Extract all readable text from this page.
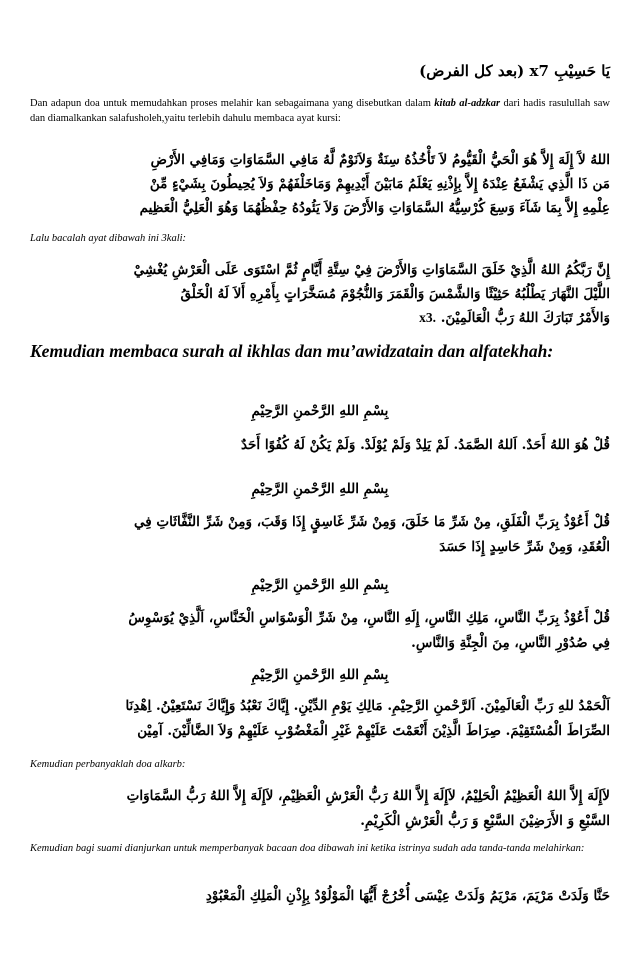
يَا حَسِيْبِ x7 (بعد كل الفرض)
Dan adapun doa untuk memudahkan proses melahir kan sebagaimana yang disebutkan dalam kitab al-adzkar dari hadis rasulullah saw dan diamalkankan salafusholeh,yaitu terlebih dahulu membaca ayat kursi:
اللهُ لآَ إِلَهَ إِلاَّ هُوَ الْحَيُّ الْقَيُّومُ لاَ تَأْخُذُهُ سِنَةٌ وَلاَنَوْمٌ لَّهُ مَافِي السَّمَاوَاتِ وَمَافِي الأَرْضِ
مَن ذَا الَّذِي يَشْفَعُ عِنْدَهُ إِلاَّ بِإِذْنِهِ يَعْلَمُ مَابَيْنَ أَيْدِيهِمْ وَمَاخَلْفَهُمْ وَلاَ يُحِيطُونَ بِشَيْءٍ مِّنْ
عِلْمِهِ إِلاَّ بِمَا شَآءَ وَسِعَ كُرْسِيُّهُ السَّمَاوَاتِ وَالأَرْضَ وَلاَ يَئُودُهُ حِفْظُهُمَا وَهُوَ الْعَلِيُّ الْعَظِيم
Lalu bacalah ayat dibawah ini 3kali:
إِنَّ رَبَّكُمُ اللهُ الَّذِيْ خَلَقَ السَّمَاوَاتِ وَالأَرْضَ فِيْ سِتَّةِ أَيَّامٍ ثُمَّ اسْتَوَى عَلَى الْعَرْشِ يُغْشِيْ
اللَّيْلَ النَّهَارَ يَطْلُبُهُ حَثِيْثًا وَالشَّمْسَ وَالْقَمَرَ وَالنُّجُوْمَ مُسَخَّرَاتٍ بِأَمْرِهِ أَلاَ لَهُ الْخَلْقُ
وَالأَمْرُ تَبَارَكَ اللهُ رَبُّ الْعَالَمِيْنَ. x3.
Kemudian membaca surah al ikhlas dan mu’awidzatain dan alfatekhah:
بِسْمِ اللهِ الرَّحْمنِ الرَّحِيْمِ
قُلْ هُوَ اللهُ أَحَدٌ. اَللهُ الصَّمَدُ. لَمْ يَلِدْ وَلَمْ يُوْلَدْ. وَلَمْ يَكُنْ لَهُ كُفُوًا أَحَدٌ
بِسْمِ اللهِ الرَّحْمنِ الرَّحِيْمِ
قُلْ أَعُوْذُ بِرَبِّ الْفَلَقِ، مِنْ شَرِّ مَا خَلَقَ، وَمِنْ شَرِّ غَاسِقٍ إِذَا وَقَبَ، وَمِنْ شَرِّ النَّفَّاثَاتِ فِي
الْعُقَدِ، وَمِنْ شَرِّ حَاسِدٍ إِذَا حَسَدَ
بِسْمِ اللهِ الرَّحْمنِ الرَّحِيْمِ
قُلْ أَعُوْذُ بِرَبِّ النَّاسِ، مَلِكِ النَّاسِ، إِلَهِ النَّاسِ، مِنْ شَرِّ الْوَسْوَاسِ الْخَنَّاسِ، اَلَّذِيْ يُوَسْوِسُ
فِي صُدُوْرِ النَّاسِ، مِنَ الْجِنَّةِ وَالنَّاسِ.
بِسْمِ اللهِ الرَّحْمنِ الرَّحِيْمِ
اَلْحَمْدُ للهِ رَبِّ الْعَالَمِيْنَ. اَلرَّحْمنِ الرَّحِيْمِ. مَالِكِ يَوْمِ الدِّيْنِ. إِيَّاكَ نَعْبُدُ وَإِيَّاكَ نَسْتَعِيْنُ. اِهْدِنَا
الصِّرَاطَ الْمُسْتَقِيْمَ. صِرَاطَ الَّذِيْنَ أَنْعَمْتَ عَلَيْهِمْ غَيْرِ الْمَغْضُوْبِ عَلَيْهِمْ وَلاَ الضَّالِّيْنَ. آمِيْن
Kemudian perbanyaklah doa alkarb:
لاَإِلَهَ إِلاَّ اللهُ الْعَظِيْمُ الْحَلِيْمُ، لاَإِلَهَ إِلاَّ اللهُ رَبُّ الْعَرْشِ الْعَظِيْمِ، لاَإِلَهَ إِلاَّ اللهُ رَبُّ السَّمَاوَاتِ
السَّبْعِ وَ الأَرَضِيْنَ السَّبْعِ وَ رَبُّ الْعَرْشِ الْكَرِيْمِ.
Kemudian bagi suami dianjurkan untuk memperbanyak bacaan doa dibawah ini ketika istrinya sudah ada tanda-tanda melahirkan:
حَنَّا وَلَدَتْ مَرْيَمَ، مَرْيَمُ وَلَدَتْ عِيْسَى أُخْرُجْ أَيُّهَا الْمَوْلُوْدُ بِإِذْنِ الْمَلِكِ الْمَعْبُوْدِ
